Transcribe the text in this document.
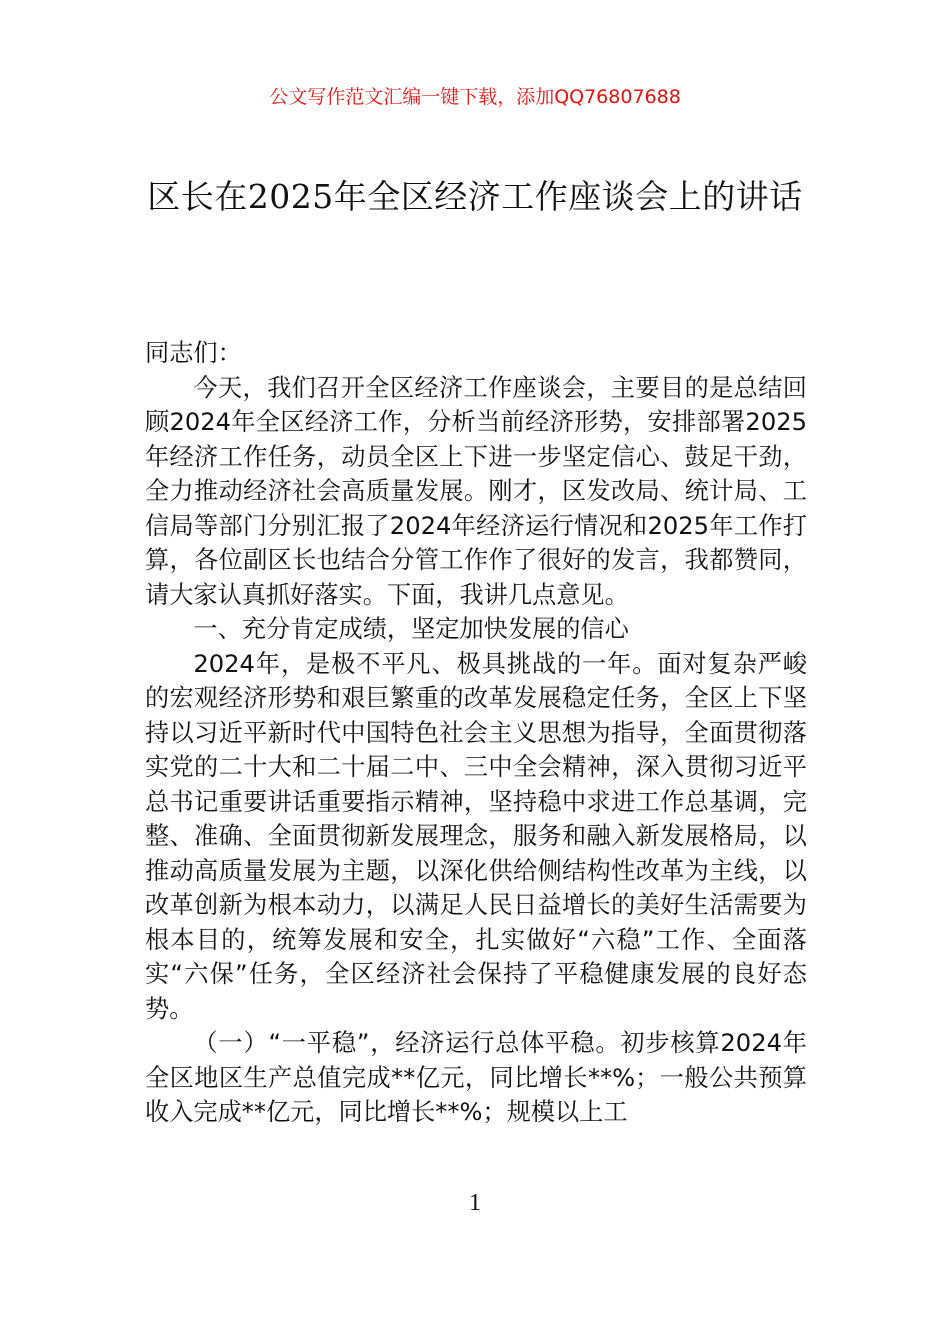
公文写作范文汇编一键下载，添加QQ76807688
区长在2025年全区经济工作座谈会上的讲话

同志们：

今天，我们召开全区经济工作座谈会，主要目的是总结回顾2024年全区经济工作，分析当前经济形势，安排部署2025年经济工作任务，动员全区上下进一步坚定信心、鼓足干劲，全力推动经济社会高质量发展。刚才，区发改局、统计局、工信局等部门分别汇报了2024年经济运行情况和2025年工作打算，各位副区长也结合分管工作作了很好的发言，我都赞同，请大家认真抓好落实。下面，我讲几点意见。

一、充分肯定成绩，坚定加快发展的信心

2024年，是极不平凡、极具挑战的一年。面对复杂严峻的宏观经济形势和艰巨繁重的改革发展稳定任务，全区上下坚持以习近平新时代中国特色社会主义思想为指导，全面贯彻落实党的二十大和二十届二中、三中全会精神，深入贯彻习近平总书记重要讲话重要指示精神，坚持稳中求进工作总基调，完整、准确、全面贯彻新发展理念，服务和融入新发展格局，以推动高质量发展为主题，以深化供给侧结构性改革为主线，以改革创新为根本动力，以满足人民日益增长的美好生活需要为根本目的，统筹发展和安全，扎实做好“六稳”工作、全面落实“六保”任务，全区经济社会保持了平稳健康发展的良好态势。

（一）“一平稳”，经济运行总体平稳。初步核算2024年全区地区生产总值完成**亿元，同比增长**%；一般公共预算收入完成**亿元，同比增长**%；规模以上工

1
